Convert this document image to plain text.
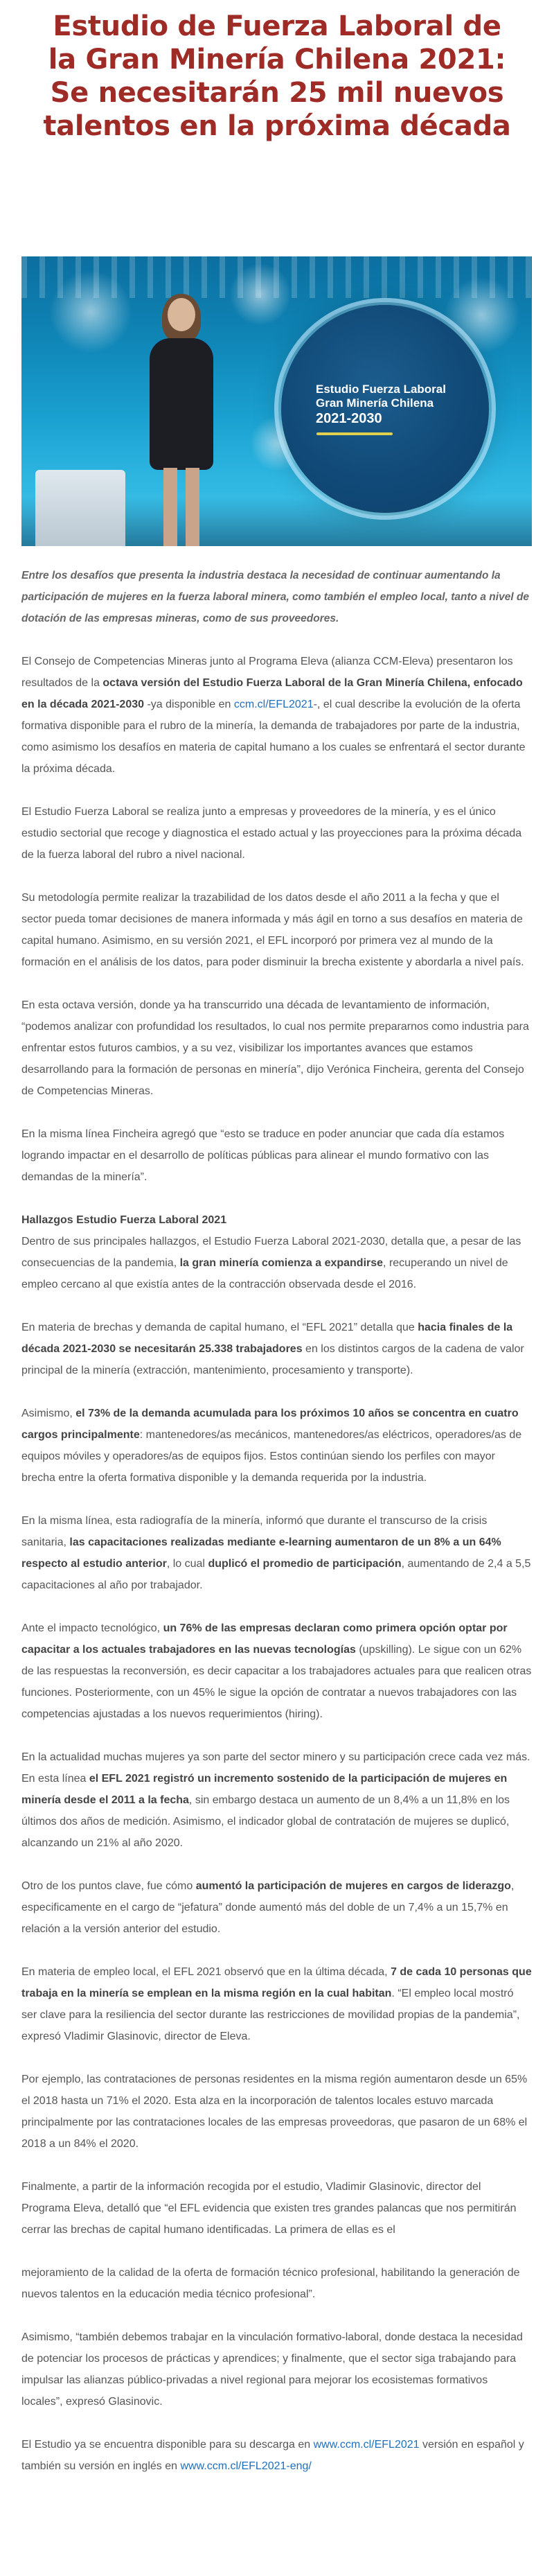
Estudio de Fuerza Laboral de la Gran Minería Chilena 2021: Se necesitarán 25 mil nuevos talentos en la próxima década
Estudio Fuerza Laboral
Gran Minería Chilena
2021-2030

Entre los desafíos que presenta la industria destaca la necesidad de continuar aumentando la participación de mujeres en la fuerza laboral minera, como también el empleo local, tanto a nivel de dotación de las empresas mineras, como de sus proveedores.

El Consejo de Competencias Mineras junto al Programa Eleva (alianza CCM-Eleva) presentaron los resultados de la octava versión del Estudio Fuerza Laboral de la Gran Minería Chilena, enfocado en la década 2021-2030 -ya disponible en ccm.cl/EFL2021-, el cual describe la evolución de la oferta formativa disponible para el rubro de la minería, la demanda de trabajadores por parte de la industria, como asimismo los desafíos en materia de capital humano a los cuales se enfrentará el sector durante la próxima década.

El Estudio Fuerza Laboral se realiza junto a empresas y proveedores de la minería, y es el único estudio sectorial que recoge y diagnostica el estado actual y las proyecciones para la próxima década de la fuerza laboral del rubro a nivel nacional.

Su metodología permite realizar la trazabilidad de los datos desde el año 2011 a la fecha y que el sector pueda tomar decisiones de manera informada y más ágil en torno a sus desafíos en materia de capital humano. Asimismo, en su versión 2021, el EFL incorporó por primera vez al mundo de la formación en el análisis de los datos, para poder disminuir la brecha existente y abordarla a nivel país.

En esta octava versión, donde ya ha transcurrido una década de levantamiento de información, “podemos analizar con profundidad los resultados, lo cual nos permite prepararnos como industria para enfrentar estos futuros cambios, y a su vez, visibilizar los importantes avances que estamos desarrollando para la formación de personas en minería”, dijo Verónica Fincheira, gerenta del Consejo de Competencias Mineras.

En la misma línea Fincheira agregó que “esto se traduce en poder anunciar que cada día estamos logrando impactar en el desarrollo de políticas públicas para alinear el mundo formativo con las demandas de la minería”.

Hallazgos Estudio Fuerza Laboral 2021

Dentro de sus principales hallazgos, el Estudio Fuerza Laboral 2021-2030, detalla que, a pesar de las consecuencias de la pandemia, la gran minería comienza a expandirse, recuperando un nivel de empleo cercano al que existía antes de la contracción observada desde el 2016.

En materia de brechas y demanda de capital humano, el “EFL 2021” detalla que hacia finales de la década 2021-2030 se necesitarán 25.338 trabajadores en los distintos cargos de la cadena de valor principal de la minería (extracción, mantenimiento, procesamiento y transporte).

Asimismo, el 73% de la demanda acumulada para los próximos 10 años se concentra en cuatro cargos principalmente: mantenedores/as mecánicos, mantenedores/as eléctricos, operadores/as de equipos móviles y operadores/as de equipos fijos. Estos continúan siendo los perfiles con mayor brecha entre la oferta formativa disponible y la demanda requerida por la industria.

En la misma línea, esta radiografía de la minería, informó que durante el transcurso de la crisis sanitaria, las capacitaciones realizadas mediante e-learning aumentaron de un 8% a un 64% respecto al estudio anterior, lo cual duplicó el promedio de participación, aumentando de 2,4 a 5,5 capacitaciones al año por trabajador.

Ante el impacto tecnológico, un 76% de las empresas declaran como primera opción optar por capacitar a los actuales trabajadores en las nuevas tecnologías (upskilling). Le sigue con un 62% de las respuestas la reconversión, es decir capacitar a los trabajadores actuales para que realicen otras funciones. Posteriormente, con un 45% le sigue la opción de contratar a nuevos trabajadores con las competencias ajustadas a los nuevos requerimientos (hiring).

En la actualidad muchas mujeres ya son parte del sector minero y su participación crece cada vez más. En esta línea el EFL 2021 registró un incremento sostenido de la participación de mujeres en minería desde el 2011 a la fecha, sin embargo destaca un aumento de un 8,4% a un 11,8% en los últimos dos años de medición. Asimismo, el indicador global de contratación de mujeres se duplicó, alcanzando un 21% al año 2020.

Otro de los puntos clave, fue cómo aumentó la participación de mujeres en cargos de liderazgo, especificamente en el cargo de “jefatura” donde aumentó más del doble de un 7,4% a un 15,7% en relación a la versión anterior del estudio.

En materia de empleo local, el EFL 2021 observó que en la última década, 7 de cada 10 personas que trabaja en la minería se emplean en la misma región en la cual habitan. “El empleo local mostró ser clave para la resiliencia del sector durante las restricciones de movilidad propias de la pandemia”, expresó Vladimir Glasinovic, director de Eleva.

Por ejemplo, las contrataciones de personas residentes en la misma región aumentaron desde un 65% el 2018 hasta un 71% el 2020. Esta alza en la incorporación de talentos locales estuvo marcada principalmente por las contrataciones locales de las empresas proveedoras, que pasaron de un 68% el 2018 a un 84% el 2020.

Finalmente, a partir de la información recogida por el estudio, Vladimir Glasinovic, director del Programa Eleva, detalló que “el EFL evidencia que existen tres grandes palancas que nos permitirán cerrar las brechas de capital humano identificadas. La primera de ellas es el

mejoramiento de la calidad de la oferta de formación técnico profesional, habilitando la generación de nuevos talentos en la educación media técnico profesional”.

Asimismo, “también debemos trabajar en la vinculación formativo-laboral, donde destaca la necesidad de potenciar los procesos de prácticas y aprendices; y finalmente, que el sector siga trabajando para impulsar las alianzas público-privadas a nivel regional para mejorar los ecosistemas formativos locales”, expresó Glasinovic.

El Estudio ya se encuentra disponible para su descarga en www.ccm.cl/EFL2021 versión en español y también su versión en inglés en www.ccm.cl/EFL2021-eng/
